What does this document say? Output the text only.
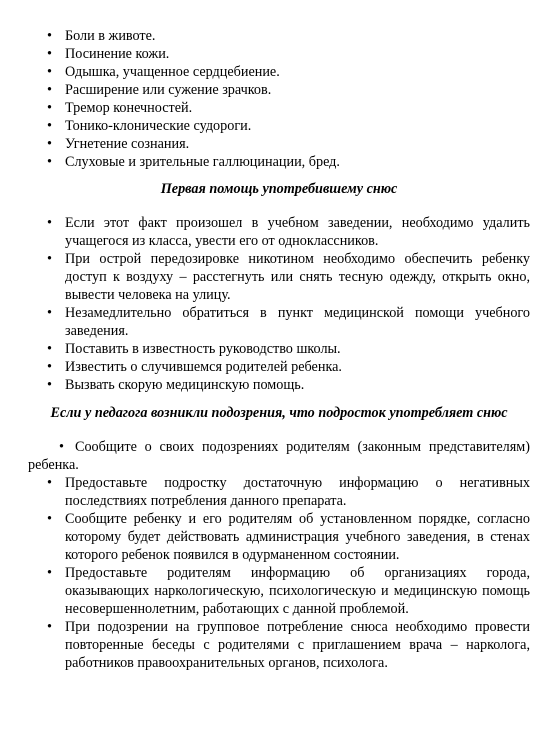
• Боли в животе.
• Посинение кожи.
• Одышка, учащенное сердцебиение.
• Расширение или сужение зрачков.
• Тремор конечностей.
• Тонико-клонические судороги.
• Угнетение сознания.
• Слуховые и зрительные галлюцинации, бред.

Первая помощь употребившему снюс

• Если этот факт произошел в учебном заведении, необходимо удалить учащегося из класса, увести его от одноклассников.
• При острой передозировке никотином необходимо обеспечить ребенку доступ к воздуху – расстегнуть или снять тесную одежду, открыть окно, вывести человека на улицу.
• Незамедлительно обратиться в пункт медицинской помощи учебного заведения.
• Поставить в известность руководство школы.
• Известить о случившемся родителей ребенка.
• Вызвать скорую медицинскую помощь.

Если у педагога возникли подозрения, что подросток употребляет снюс

• Сообщите о своих подозрениях родителям (законным представителям) ребенка.
• Предоставьте подростку достаточную информацию о негативных последствиях потребления данного препарата.
• Сообщите ребенку и его родителям об установленном порядке, согласно которому будет действовать администрация учебного заведения, в стенах которого ребенок появился в одурманенном состоянии.
• Предоставьте родителям информацию об организациях города, оказывающих наркологическую, психологическую и медицинскую помощь несовершеннолетним, работающих с данной проблемой.
• При подозрении на групповое потребление снюса необходимо провести повторенные беседы с родителями с приглашением врача – нарколога, работников правоохранительных органов, психолога.
